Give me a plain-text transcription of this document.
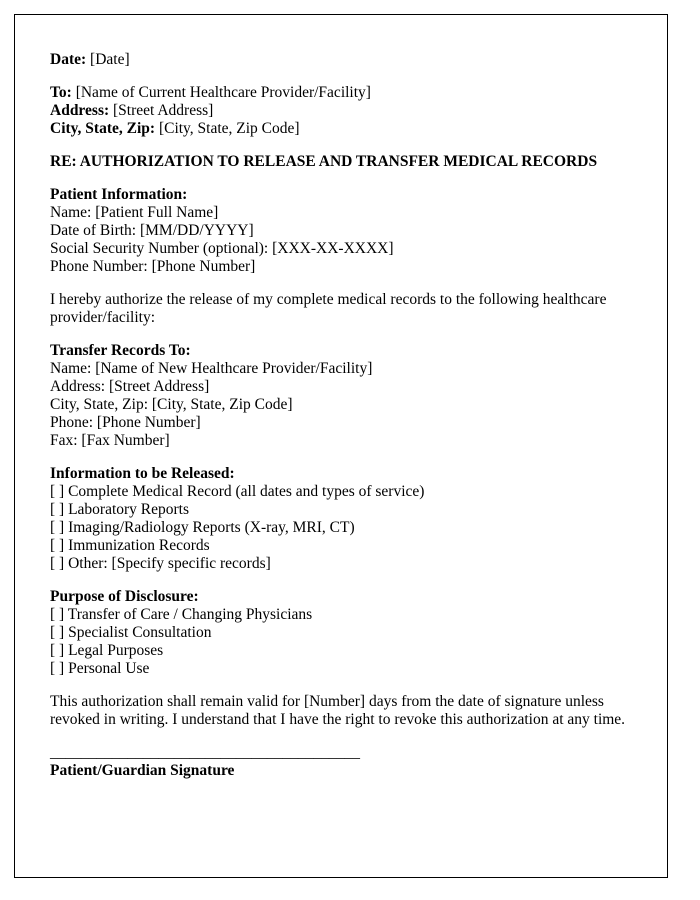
Date: [Date]

To: [Name of Current Healthcare Provider/Facility]

Address: [Street Address]

City, State, Zip: [City, State, Zip Code]

RE: AUTHORIZATION TO RELEASE AND TRANSFER MEDICAL RECORDS

Patient Information:

Name: [Patient Full Name]

Date of Birth: [MM/DD/YYYY]

Social Security Number (optional): [XXX-XX-XXXX]

Phone Number: [Phone Number]

I hereby authorize the release of my complete medical records to the following healthcare provider/facility:

Transfer Records To:

Name: [Name of New Healthcare Provider/Facility]

Address: [Street Address]

City, State, Zip: [City, State, Zip Code]

Phone: [Phone Number]

Fax: [Fax Number]

Information to be Released:

[ ] Complete Medical Record (all dates and types of service)

[ ] Laboratory Reports

[ ] Imaging/Radiology Reports (X-ray, MRI, CT)

[ ] Immunization Records

[ ] Other: [Specify specific records]

Purpose of Disclosure:

[ ] Transfer of Care / Changing Physicians

[ ] Specialist Consultation

[ ] Legal Purposes

[ ] Personal Use

This authorization shall remain valid for [Number] days from the date of signature unless revoked in writing. I understand that I have the right to revoke this authorization at any time.

________________________________________

Patient/Guardian Signature
